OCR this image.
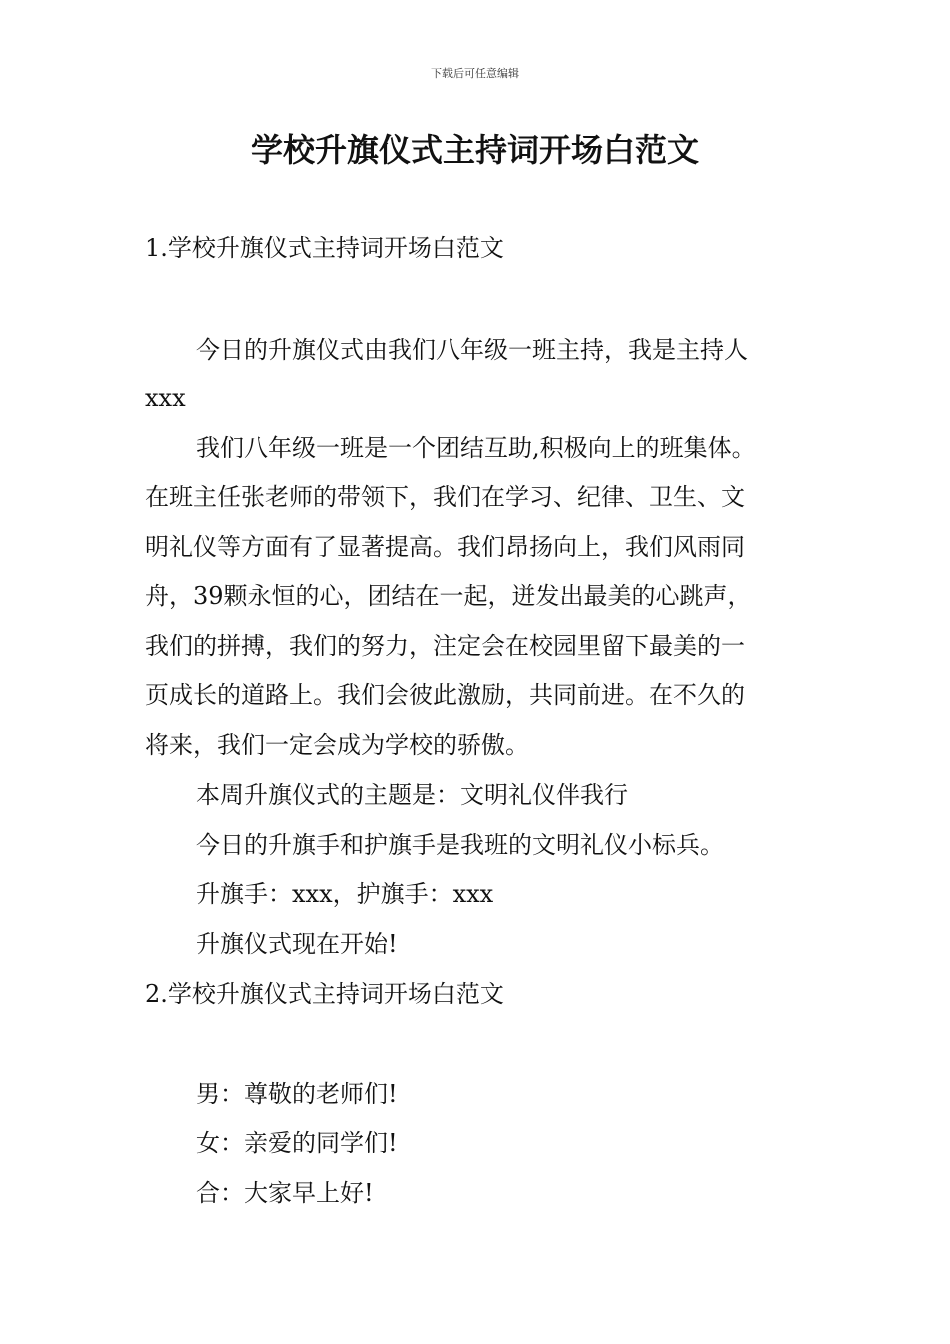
下载后可任意编辑
学校升旗仪式主持词开场白范文

1.学校升旗仪式主持词开场白范文

今日的升旗仪式由我们八年级一班主持，我是主持人

xxx

我们八年级一班是一个团结互助,积极向上的班集体。

在班主任张老师的带领下，我们在学习、纪律、卫生、文

明礼仪等方面有了显著提高。我们昂扬向上，我们风雨同

舟，39颗永恒的心，团结在一起，迸发出最美的心跳声，

我们的拼搏，我们的努力，注定会在校园里留下最美的一

页成长的道路上。我们会彼此激励，共同前进。在不久的

将来，我们一定会成为学校的骄傲。

本周升旗仪式的主题是：文明礼仪伴我行

今日的升旗手和护旗手是我班的文明礼仪小标兵。

升旗手：xxx，护旗手：xxx

升旗仪式现在开始!

2.学校升旗仪式主持词开场白范文

男：尊敬的老师们!

女：亲爱的同学们!

合：大家早上好!
